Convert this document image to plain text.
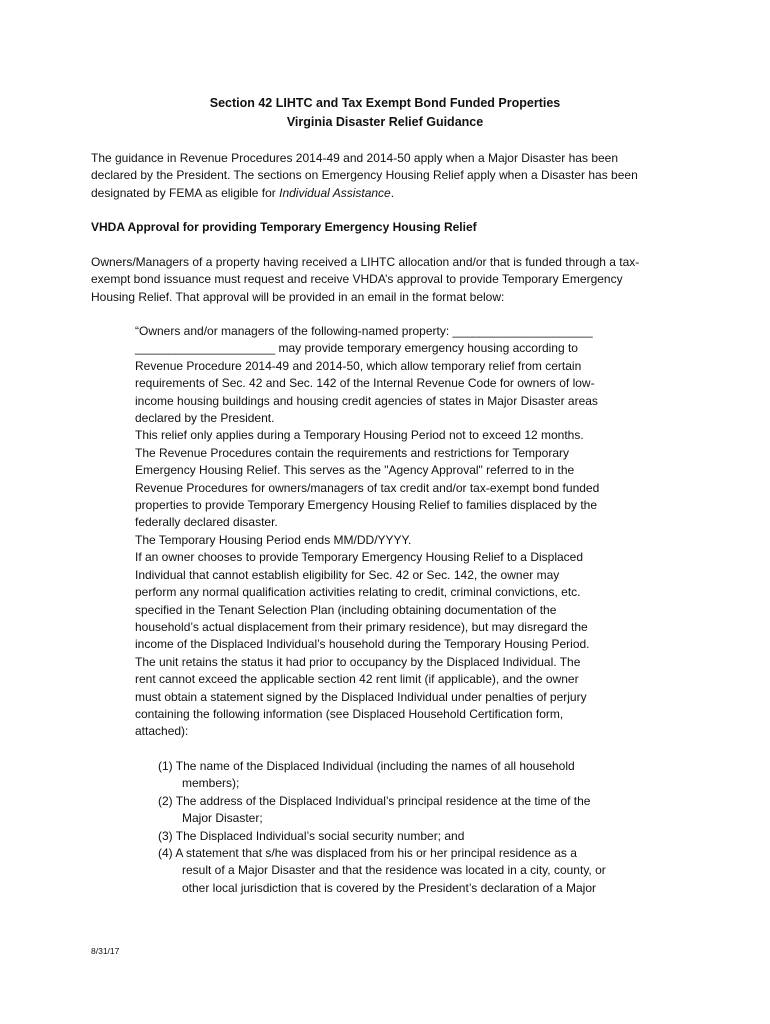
Section 42 LIHTC and Tax Exempt Bond Funded Properties
Virginia Disaster Relief Guidance
The guidance in Revenue Procedures 2014-49 and 2014-50 apply when a Major Disaster has been
declared by the President. The sections on Emergency Housing Relief apply when a Disaster has been
designated by FEMA as eligible for Individual Assistance.
VHDA Approval for providing Temporary Emergency Housing Relief
Owners/Managers of a property having received a LIHTC allocation and/or that is funded through a tax-
exempt bond issuance must request and receive VHDA’s approval to provide Temporary Emergency
Housing Relief. That approval will be provided in an email in the format below:
“Owners and/or managers of the following-named property: _____________________
_____________________ may provide temporary emergency housing according to
Revenue Procedure 2014-49 and 2014-50, which allow temporary relief from certain
requirements of Sec. 42 and Sec. 142 of the Internal Revenue Code for owners of low-
income housing buildings and housing credit agencies of states in Major Disaster areas
declared by the President.
This relief only applies during a Temporary Housing Period not to exceed 12 months.
The Revenue Procedures contain the requirements and restrictions for Temporary
Emergency Housing Relief. This serves as the "Agency Approval" referred to in the
Revenue Procedures for owners/managers of tax credit and/or tax-exempt bond funded
properties to provide Temporary Emergency Housing Relief to families displaced by the
federally declared disaster.
The Temporary Housing Period ends MM/DD/YYYY.
If an owner chooses to provide Temporary Emergency Housing Relief to a Displaced
Individual that cannot establish eligibility for Sec. 42 or Sec. 142, the owner may
perform any normal qualification activities relating to credit, criminal convictions, etc.
specified in the Tenant Selection Plan (including obtaining documentation of the
household’s actual displacement from their primary residence), but may disregard the
income of the Displaced Individual’s household during the Temporary Housing Period.
The unit retains the status it had prior to occupancy by the Displaced Individual. The
rent cannot exceed the applicable section 42 rent limit (if applicable), and the owner
must obtain a statement signed by the Displaced Individual under penalties of perjury
containing the following information (see Displaced Household Certification form,
attached):
(1) The name of the Displaced Individual (including the names of all household
members);
(2) The address of the Displaced Individual’s principal residence at the time of the
Major Disaster;
(3) The Displaced Individual’s social security number; and
(4) A statement that s/he was displaced from his or her principal residence as a
result of a Major Disaster and that the residence was located in a city, county, or
other local jurisdiction that is covered by the President’s declaration of a Major
8/31/17
